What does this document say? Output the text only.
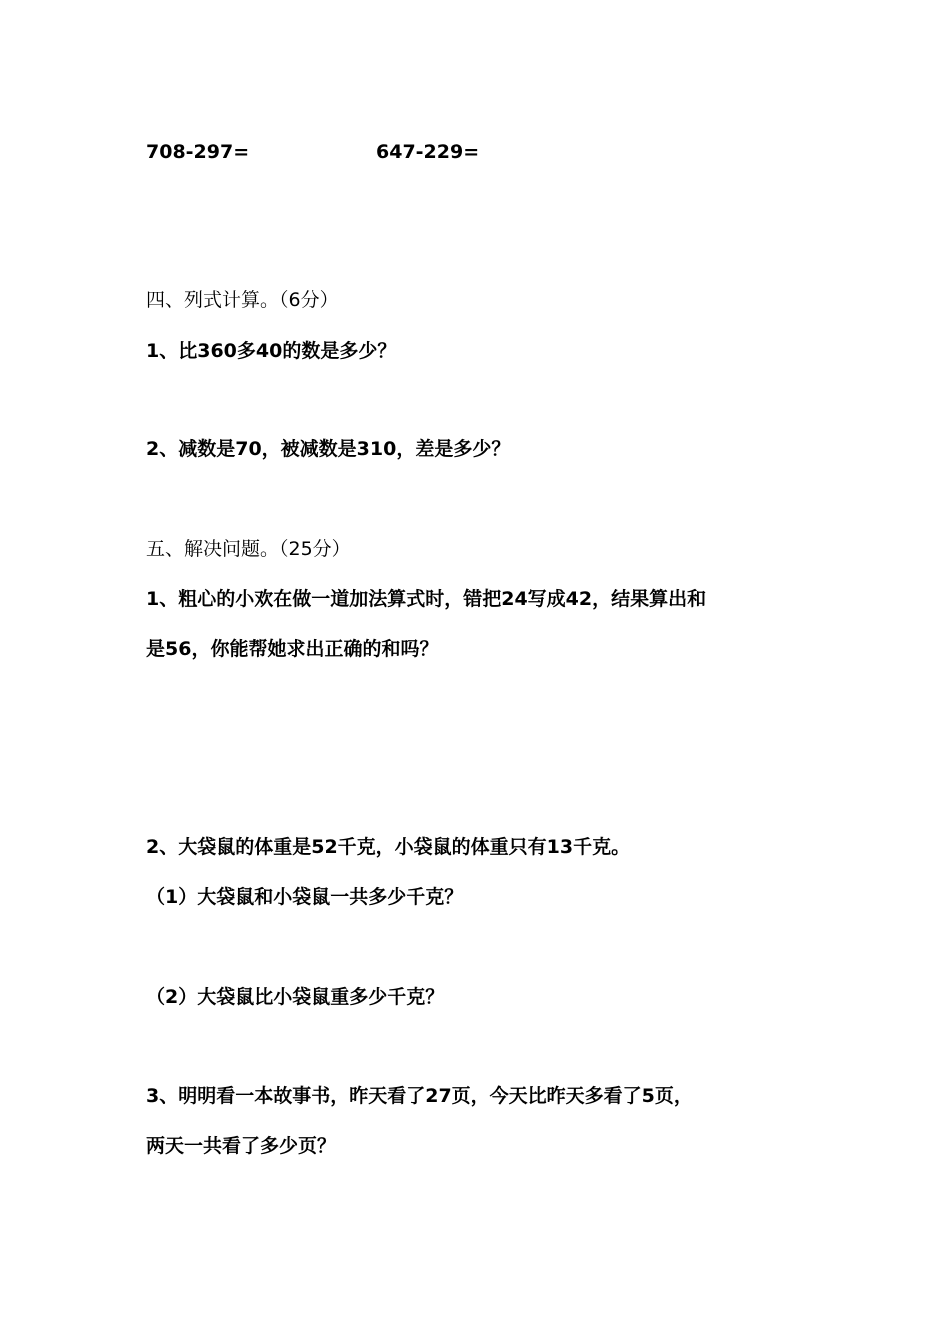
708-297=	647-229=
四、列式计算。（6分）
1、比360多40的数是多少？
2、减数是70，被减数是310，差是多少？
五、解决问题。（25分）
1、粗心的小欢在做一道加法算式时，错把24写成42，结果算出和
是56，你能帮她求出正确的和吗？
2、大袋鼠的体重是52千克，小袋鼠的体重只有13千克。
（1）大袋鼠和小袋鼠一共多少千克？
（2）大袋鼠比小袋鼠重多少千克？
3、明明看一本故事书，昨天看了27页，今天比昨天多看了5页，
两天一共看了多少页？
